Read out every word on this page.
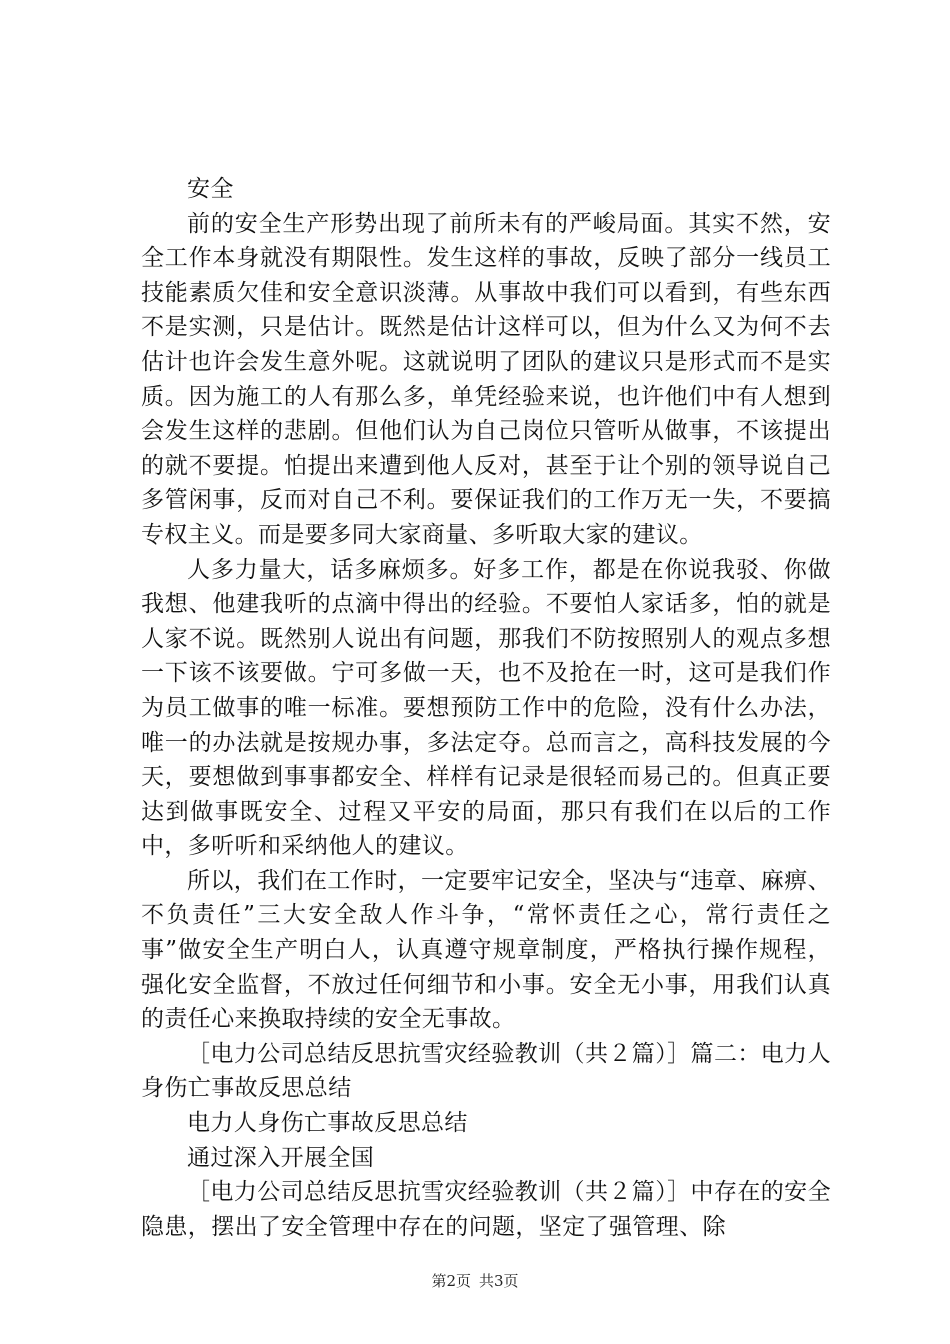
安全

前的安全生产形势出现了前所未有的严峻局面。其实不然，安全工作本身就没有期限性。发生这样的事故，反映了部分一线员工技能素质欠佳和安全意识淡薄。从事故中我们可以看到，有些东西不是实测，只是估计。既然是估计这样可以，但为什么又为何不去估计也许会发生意外呢。这就说明了团队的建议只是形式而不是实质。因为施工的人有那么多，单凭经验来说，也许他们中有人想到会发生这样的悲剧。但他们认为自己岗位只管听从做事，不该提出的就不要提。怕提出来遭到他人反对，甚至于让个别的领导说自己多管闲事，反而对自己不利。要保证我们的工作万无一失，不要搞专权主义。而是要多同大家商量、多听取大家的建议。

人多力量大，话多麻烦多。好多工作，都是在你说我驳、你做我想、他建我听的点滴中得出的经验。不要怕人家话多，怕的就是人家不说。既然别人说出有问题，那我们不防按照别人的观点多想一下该不该要做。宁可多做一天，也不及抢在一时，这可是我们作为员工做事的唯一标准。要想预防工作中的危险，没有什么办法，唯一的办法就是按规办事，多法定夺。总而言之，高科技发展的今天，要想做到事事都安全、样样有记录是很轻而易己的。但真正要达到做事既安全、过程又平安的局面，那只有我们在以后的工作中，多听听和采纳他人的建议。

所以，我们在工作时，一定要牢记安全，坚决与“违章、麻痹、不负责任”三大安全敌人作斗争，“常怀责任之心，常行责任之事”做安全生产明白人，认真遵守规章制度，严格执行操作规程，强化安全监督，不放过任何细节和小事。安全无小事，用我们认真的责任心来换取持续的安全无事故。

［电力公司总结反思抗雪灾经验教训（共２篇）］篇二：电力人身伤亡事故反思总结

电力人身伤亡事故反思总结

通过深入开展全国

［电力公司总结反思抗雪灾经验教训（共２篇）］中存在的安全隐患，摆出了安全管理中存在的问题，坚定了强管理、除

第2页 共3页
